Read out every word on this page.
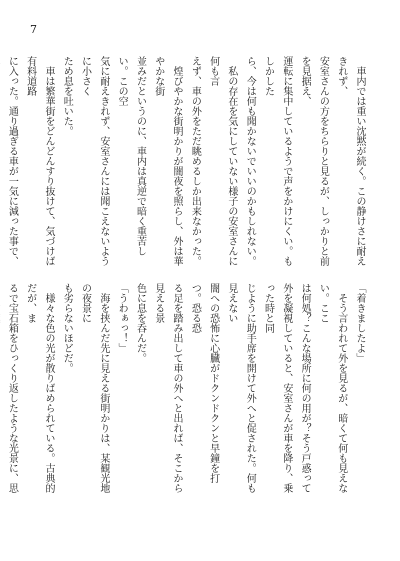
7

車内では重い沈黙が続く。この静けさに耐えきれず、
安室さんの方をちらりと見るが、しっかりと前を見据え、
運転に集中しているようで声をかけにくい。もしかした
ら、今は何も聞かないでいいのかもしれない。

私の存在を気にしていない様子の安室さんに何も言
えず、車の外をただ眺めるしか出来なかった。

煌びやかな街明かりが闇夜を照らし、外は華やかな街
並みだというのに、車内は真逆で暗く重苦しい。この空
気に耐えきれず、安室さんには聞こえないように小さく
ため息を吐いた。

車は繁華街をどんどんすり抜けて、気づけば有料道路
に入った。通り過ぎる車が一気に減った事で、

「着きましたよ」

そう言われて外を見るが、暗くて何も見えない。ここ
は何処？こんな場所に何の用が？そう戸惑って
外を凝視していると、安室さんが車を降り、乗った時と同
じように助手席を開けて外へと促された。何も見えない
闇への恐怖に心臓がドクンドクンと早鐘を打つ。恐る恐
る足を踏み出して車の外へと出れば、そこから見える景
色に息を呑んだ。

「うわぁっ！」

海を挟んだ先に見える街明かりは、某観光地の夜景に
も劣らないほどだ。

様々な色の光が散りばめられている。古典的だが、ま
るで宝石箱をひっくり返したような光景に、思
